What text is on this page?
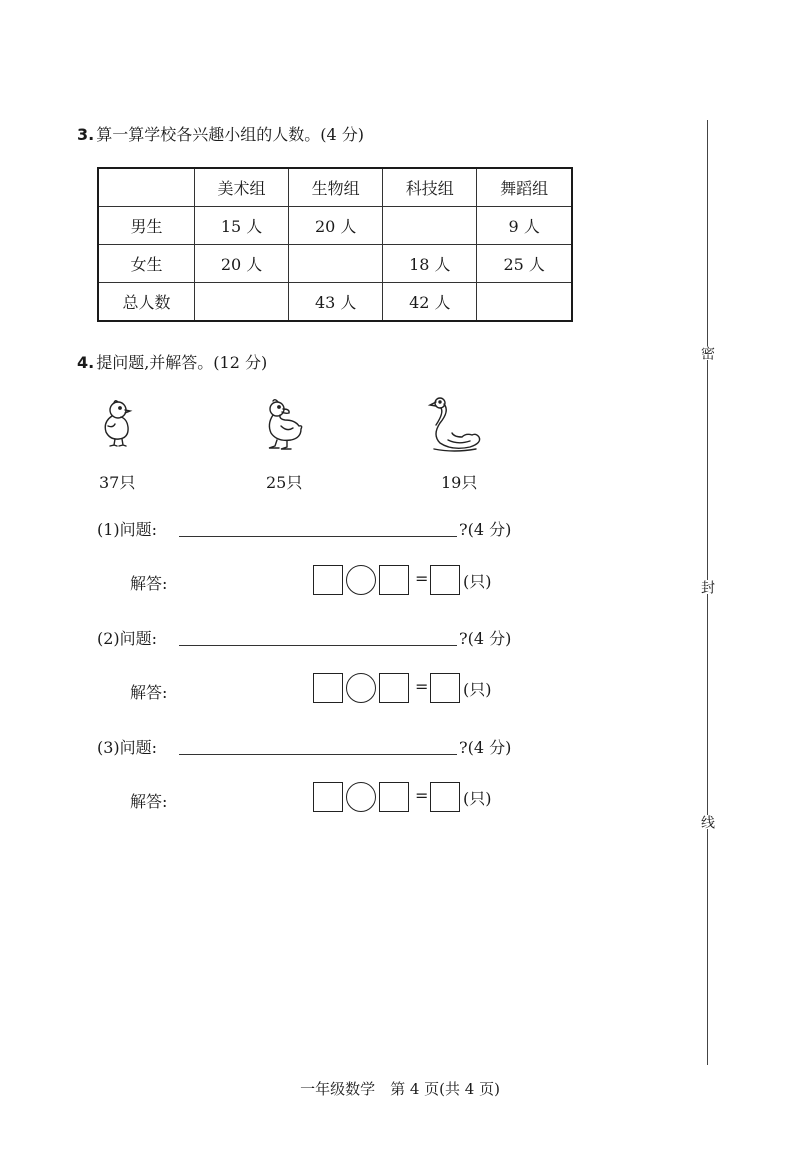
3. 算一算学校各兴趣小组的人数。(4 分)
	美术组	生物组	科技组	舞蹈组
男生	15 人	20 人		9 人
女生	20 人		18 人	25 人
总人数		43 人	42 人	
4. 提问题,并解答。(12 分)
37只	25只	19只
(1)问题:	?(4 分)
解答:	= (只)
(2)问题:	?(4 分)
解答:	= (只)
(3)问题:	?(4 分)
解答:	= (只)
密
封
线
一年级数学　第 4 页(共 4 页)
